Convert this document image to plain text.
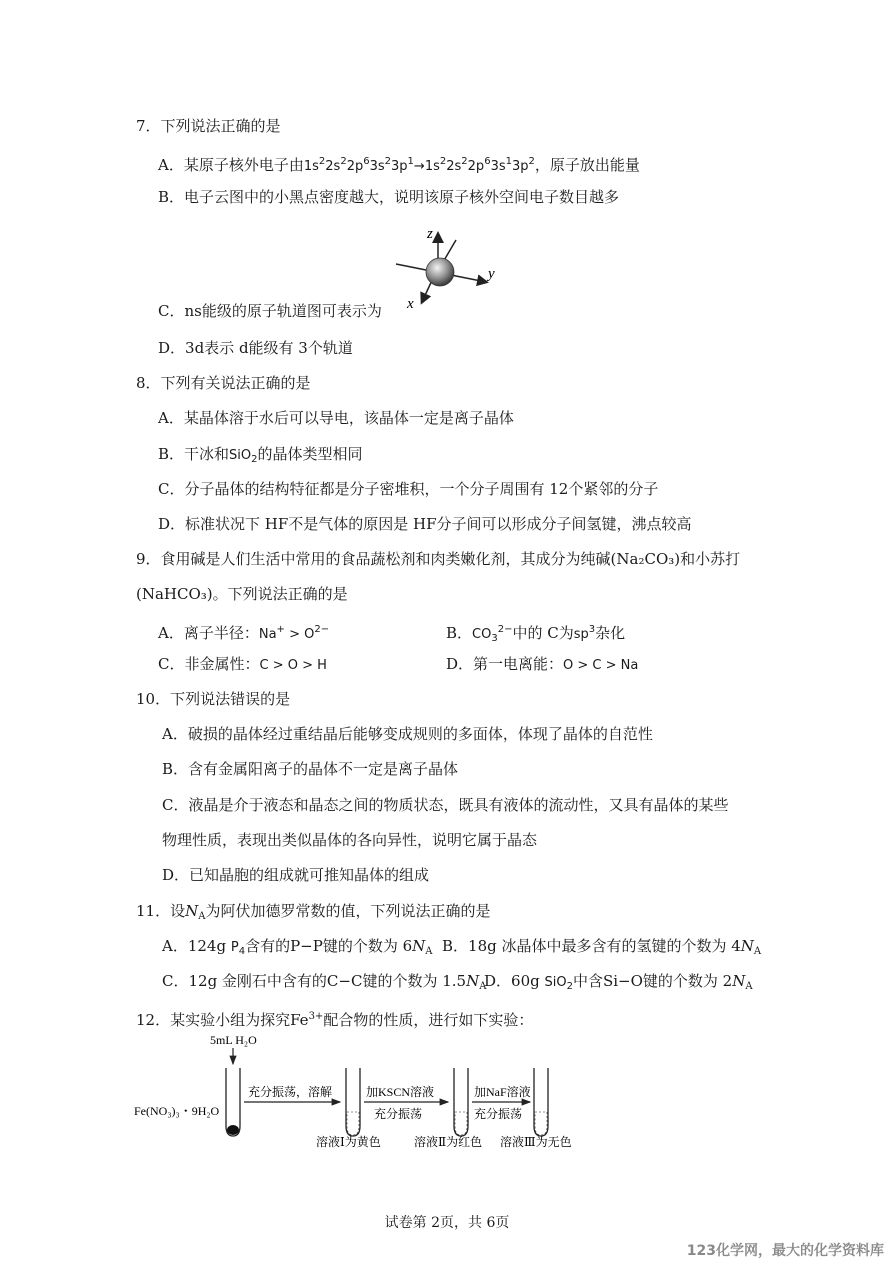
7．下列说法正确的是
A．某原子核外电子由$1s^22s^22p^63s^23p^1\to 1s^22s^22p^63s^13p^2$，原子放出能量
B．电子云图中的小黑点密度越大，说明该原子核外空间电子数目越多
z
y
x
C．ns能级的原子轨道图可表示为
D．3d表示 d能级有 3个轨道
8．下列有关说法正确的是
A．某晶体溶于水后可以导电，该晶体一定是离子晶体
B．干冰和SiO$_2$的晶体类型相同
C．分子晶体的结构特征都是分子密堆积，一个分子周围有 12个紧邻的分子
D．标准状况下 HF不是气体的原因是 HF分子间可以形成分子间氢键，沸点较高
9．食用碱是人们生活中常用的食品蔬松剂和肉类嫩化剂，其成分为纯碱(Na₂CO₃)和小苏打
(NaHCO₃)。下列说法正确的是
A．离子半径：$Na^+ > O^{2-}$	B．$CO_3^{2-}$中的 C为$sp^3$杂化
C．非金属性：C > O > H	D．第一电离能：O > C > Na
10．下列说法错误的是
A．破损的晶体经过重结晶后能够变成规则的多面体，体现了晶体的自范性
B．含有金属阳离子的晶体不一定是离子晶体
C．液晶是介于液态和晶态之间的物质状态，既具有液体的流动性，又具有晶体的某些
物理性质，表现出类似晶体的各向异性，说明它属于晶态
D．已知晶胞的组成就可推知晶体的组成
11．设$N_A$为阿伏加德罗常数的值，下列说法正确的是
A．124g $P_4$含有的P−P键的个数为 $6N_A$ B．18g 冰晶体中最多含有的氢键的个数为 $4N_A$
C．12g 金刚石中含有的C−C键的个数为 $1.5N_A$
D．60g SiO$_2$中含Si−O键的个数为 $2N_A$
12．某实验小组为探究$Fe^{3+}$配合物的性质，进行如下实验：
5mL H₂O
Fe(NO₃)₃・9H₂O
充分振荡，溶解	加KSCN溶液
充分振荡
加NaF溶液
充分振荡
溶液Ⅰ为黄色	溶液Ⅱ为红色 溶液Ⅲ为无色
试卷第 2页，共 6页
123化学网，最大的化学资料库
